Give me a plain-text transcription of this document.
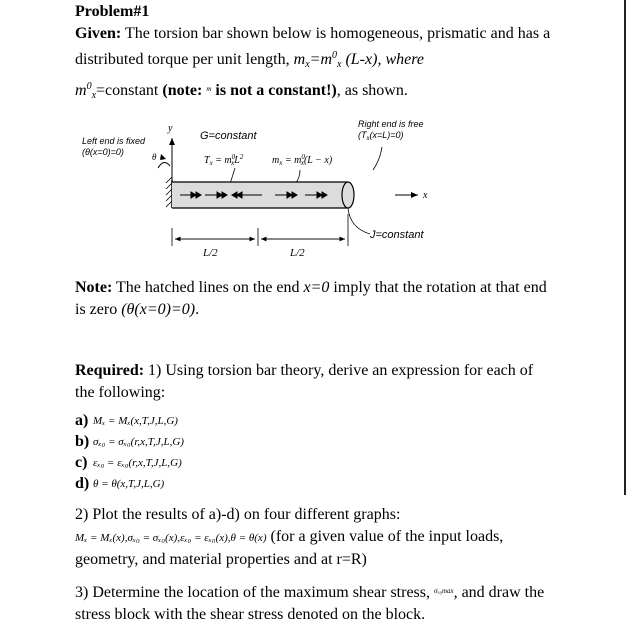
Problem#1
Given: The torsion bar shown below is homogeneous, prismatic and has a distributed torque per unit length, $m_x=m^0_x$ (L-x), where
$m^0_x=constant$ (note: $^m$ is not a constant!), as shown.
Left end is fixed
(θ(x=0)=0)
y
θ
G=constant
$T_x = m^0$ $xL^2$	$m_x = m^0$ x(L − x)
Right end is free
$(T_x(x=L)=0)$
x
J=constant
L/2	L/2
Note: The hatched lines on the end x=0 imply that the rotation at that end is zero (θ(x=0)=0).
Required: 1) Using torsion bar theory, derive an expression for each of the following:
a) Mₓ = Mₓ(x,T,J,L,G)
b) σₓ₀ = σₓ₀(r,x,T,J,L,G)
c) εₓ₀ = εₓ₀(r,x,T,J,L,G)
d) θ = θ(x,T,J,L,G)
2) Plot the results of a)-d) on four different graphs:
Mₓ = Mₓ(x),σₓ₀ = σₓ₀(x),εₓ₀ = εₓ₀(x),θ = θ(x) (for a given value of the input loads, geometry, and material properties and at r=R)
3) Determine the location of the maximum shear stress, $^{\sigma_{x0}max}$, and draw the stress block with the shear stress denoted on the block.
